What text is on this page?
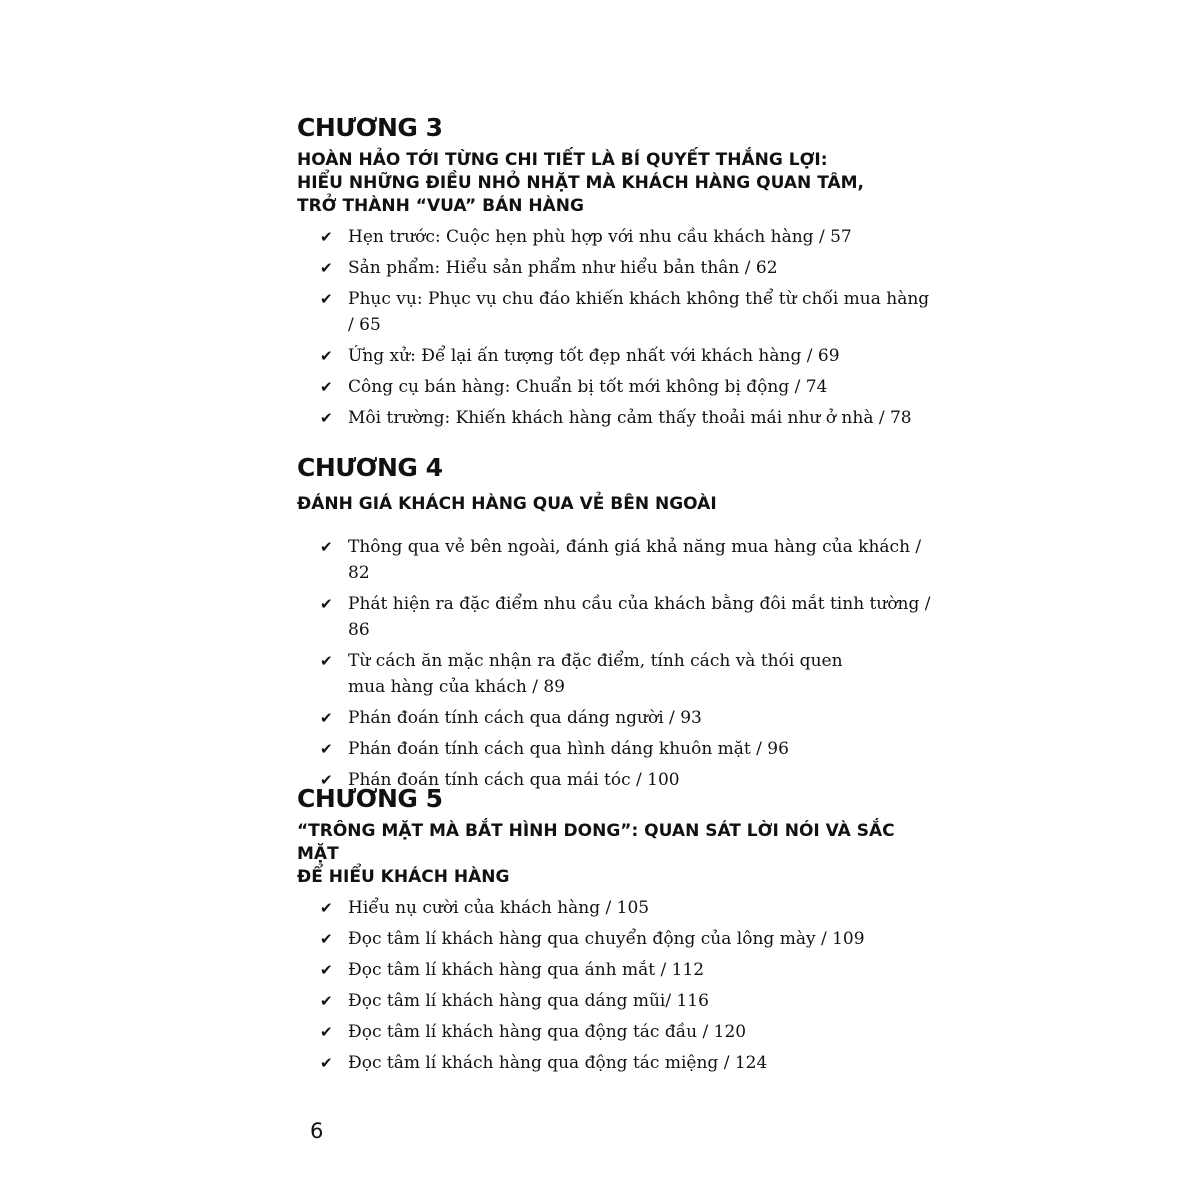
CHƯƠNG 3
HOÀN HẢO TỚI TỪNG CHI TIẾT LÀ BÍ QUYẾT THẮNG LỢI:
HIỂU NHỮNG ĐIỀU NHỎ NHẶT MÀ KHÁCH HÀNG QUAN TÂM,
TRỞ THÀNH “VUA” BÁN HÀNG
✔ Hẹn trước: Cuộc hẹn phù hợp với nhu cầu khách hàng / 57
✔ Sản phẩm: Hiểu sản phẩm như hiểu bản thân / 62
✔ Phục vụ: Phục vụ chu đáo khiến khách không thể từ chối mua hàng / 65
✔ Ứng xử: Để lại ấn tượng tốt đẹp nhất với khách hàng / 69
✔ Công cụ bán hàng: Chuẩn bị tốt mới không bị động / 74
✔ Môi trường: Khiến khách hàng cảm thấy thoải mái như ở nhà / 78
CHƯƠNG 4
ĐÁNH GIÁ KHÁCH HÀNG QUA VẺ BÊN NGOÀI
✔ Thông qua vẻ bên ngoài, đánh giá khả năng mua hàng của khách / 82
✔ Phát hiện ra đặc điểm nhu cầu của khách bằng đôi mắt tinh tường / 86
✔ Từ cách ăn mặc nhận ra đặc điểm, tính cách và thói quen mua hàng của khách / 89
✔ Phán đoán tính cách qua dáng người / 93
✔ Phán đoán tính cách qua hình dáng khuôn mặt / 96
✔ Phán đoán tính cách qua mái tóc / 100
CHƯƠNG 5
“TRÔNG MẶT MÀ BẮT HÌNH DONG”: QUAN SÁT LỜI NÓI VÀ SẮC MẶT
ĐỂ HIỂU KHÁCH HÀNG
✔ Hiểu nụ cười của khách hàng / 105
✔ Đọc tâm lí khách hàng qua chuyển động của lông mày / 109
✔ Đọc tâm lí khách hàng qua ánh mắt / 112
✔ Đọc tâm lí khách hàng qua dáng mũi/ 116
✔ Đọc tâm lí khách hàng qua động tác đầu / 120
✔ Đọc tâm lí khách hàng qua động tác miệng / 124
6
